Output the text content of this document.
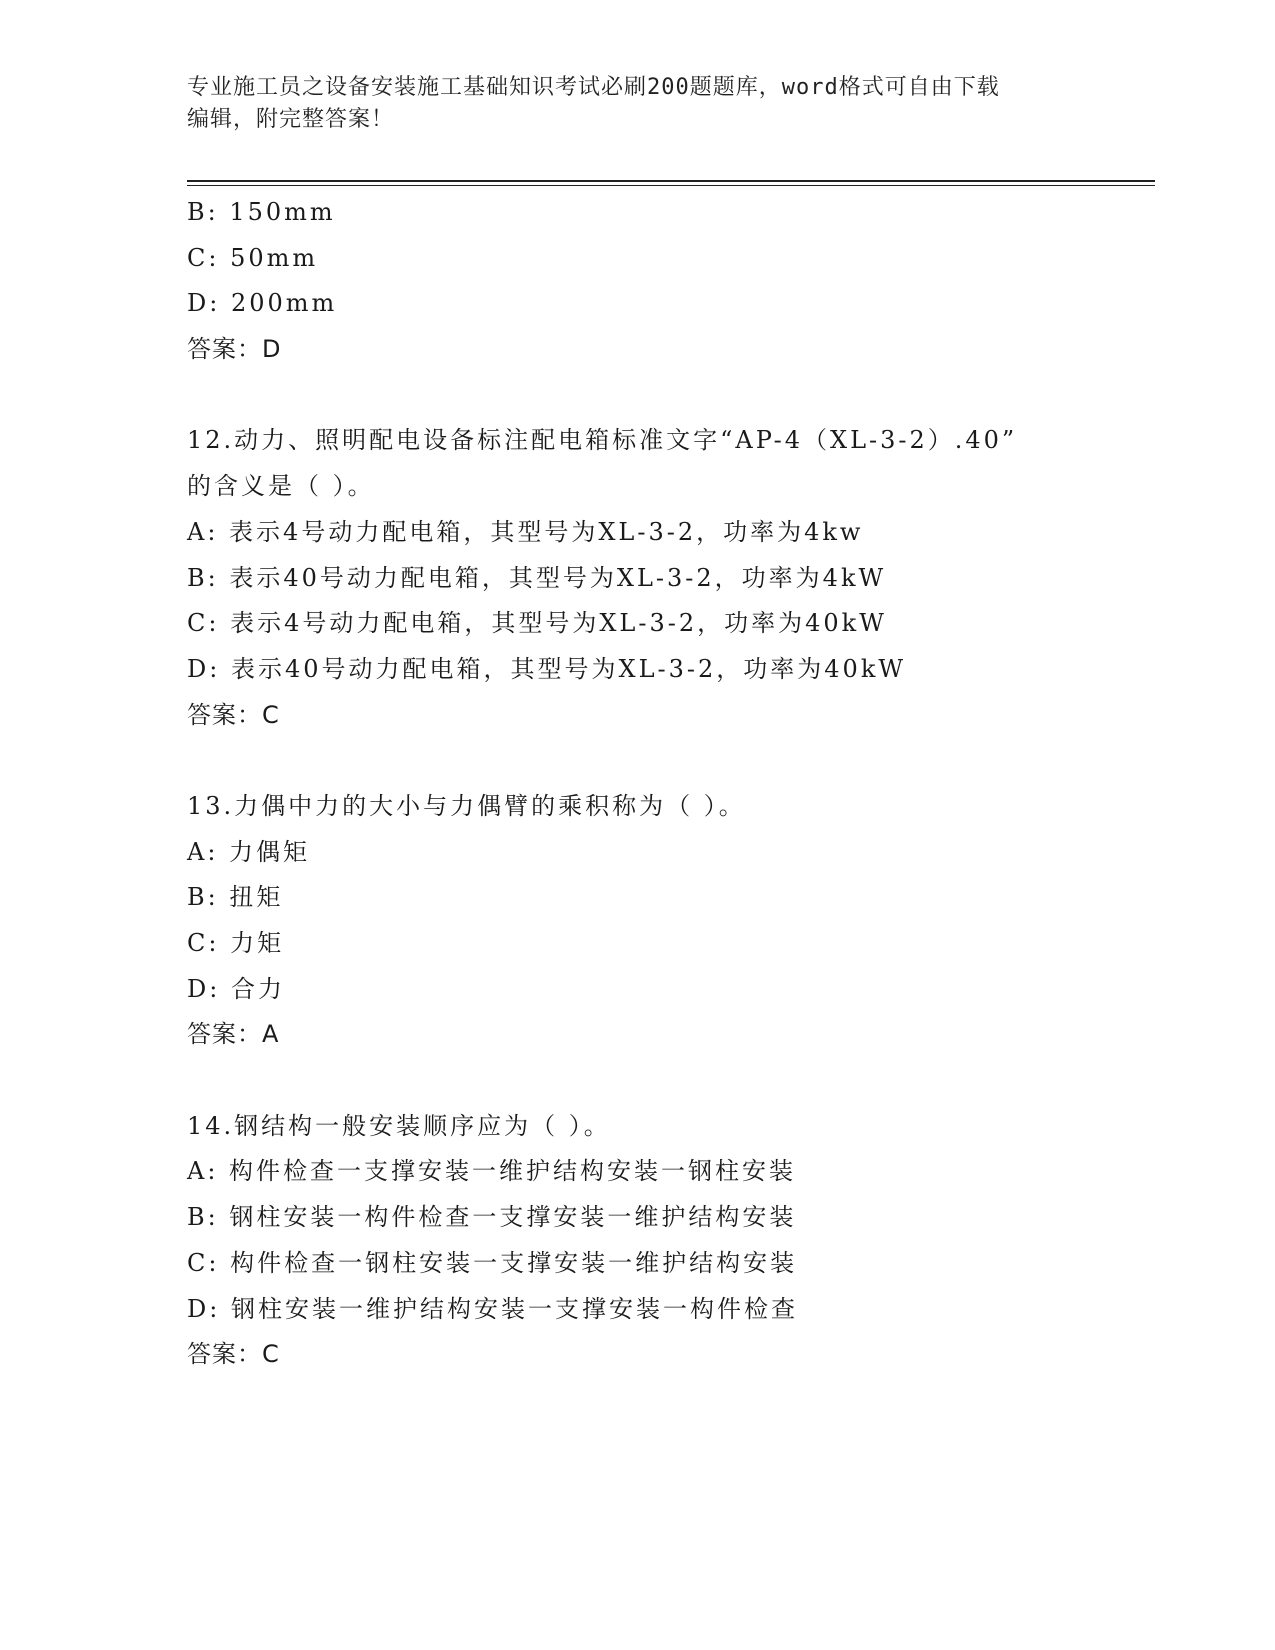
专业施工员之设备安装施工基础知识考试必刷200题题库，word格式可自由下载
编辑，附完整答案！
B: 150mm
C: 50mm
D: 200mm
答案：D
12.动力、照明配电设备标注配电箱标准文字“AP-4（XL-3-2）.40”
的含义是（ ）。
A: 表示4号动力配电箱，其型号为XL-3-2，功率为4kw
B: 表示40号动力配电箱，其型号为XL-3-2，功率为4kW
C: 表示4号动力配电箱，其型号为XL-3-2，功率为40kW
D: 表示40号动力配电箱，其型号为XL-3-2，功率为40kW
答案：C
13.力偶中力的大小与力偶臂的乘积称为（ ）。
A: 力偶矩
B: 扭矩
C: 力矩
D: 合力
答案：A
14.钢结构一般安装顺序应为（ ）。
A: 构件检查一支撑安装一维护结构安装一钢柱安装
B: 钢柱安装一构件检查一支撑安装一维护结构安装
C: 构件检查一钢柱安装一支撑安装一维护结构安装
D: 钢柱安装一维护结构安装一支撑安装一构件检查
答案：C
